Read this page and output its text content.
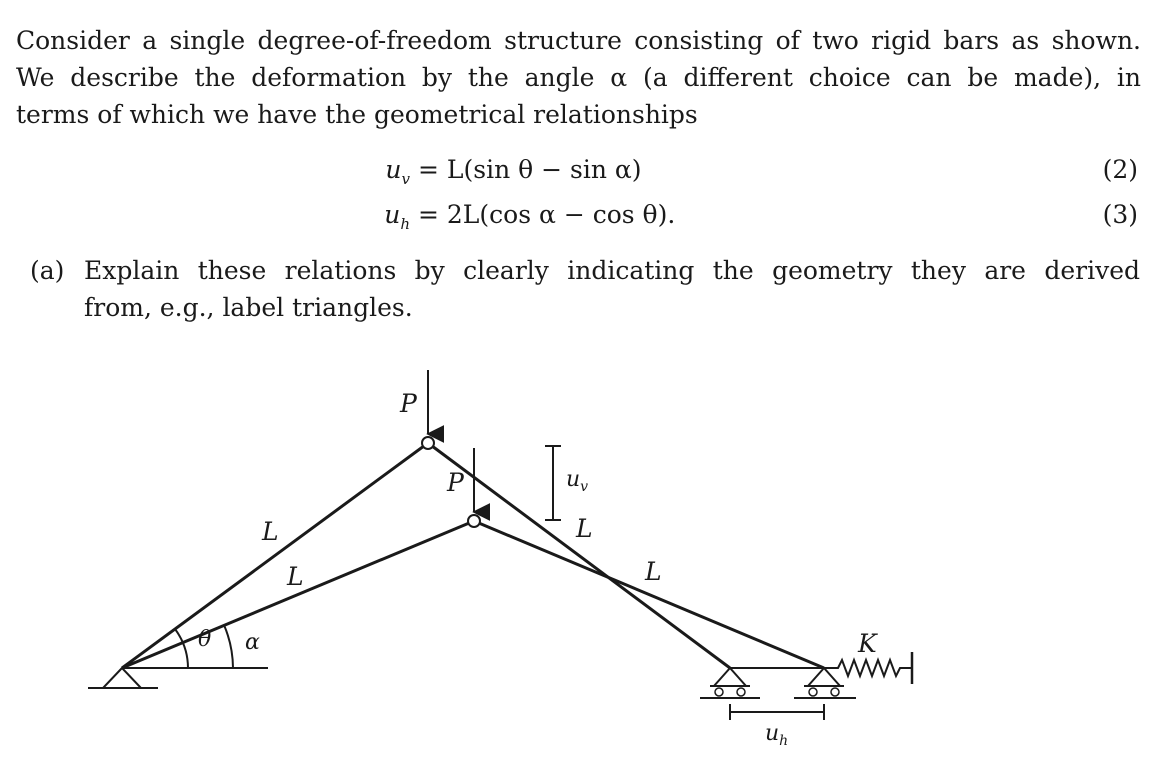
Consider a single degree-of-freedom structure consisting of two rigid bars as shown.
We describe the deformation by the angle α (a different choice can be made), in
terms of which we have the geometrical relationships
$u_v = L(\sin$ θ − sin α)	(2)
$u_h = 2L(\cos$ α − cos θ).	(3)
(a) Explain these relations by clearly indicating the geometry they are derived
from, e.g., label triangles.
P
P	$u_v$
L
L
L
L
θ α	K
$u_h$
